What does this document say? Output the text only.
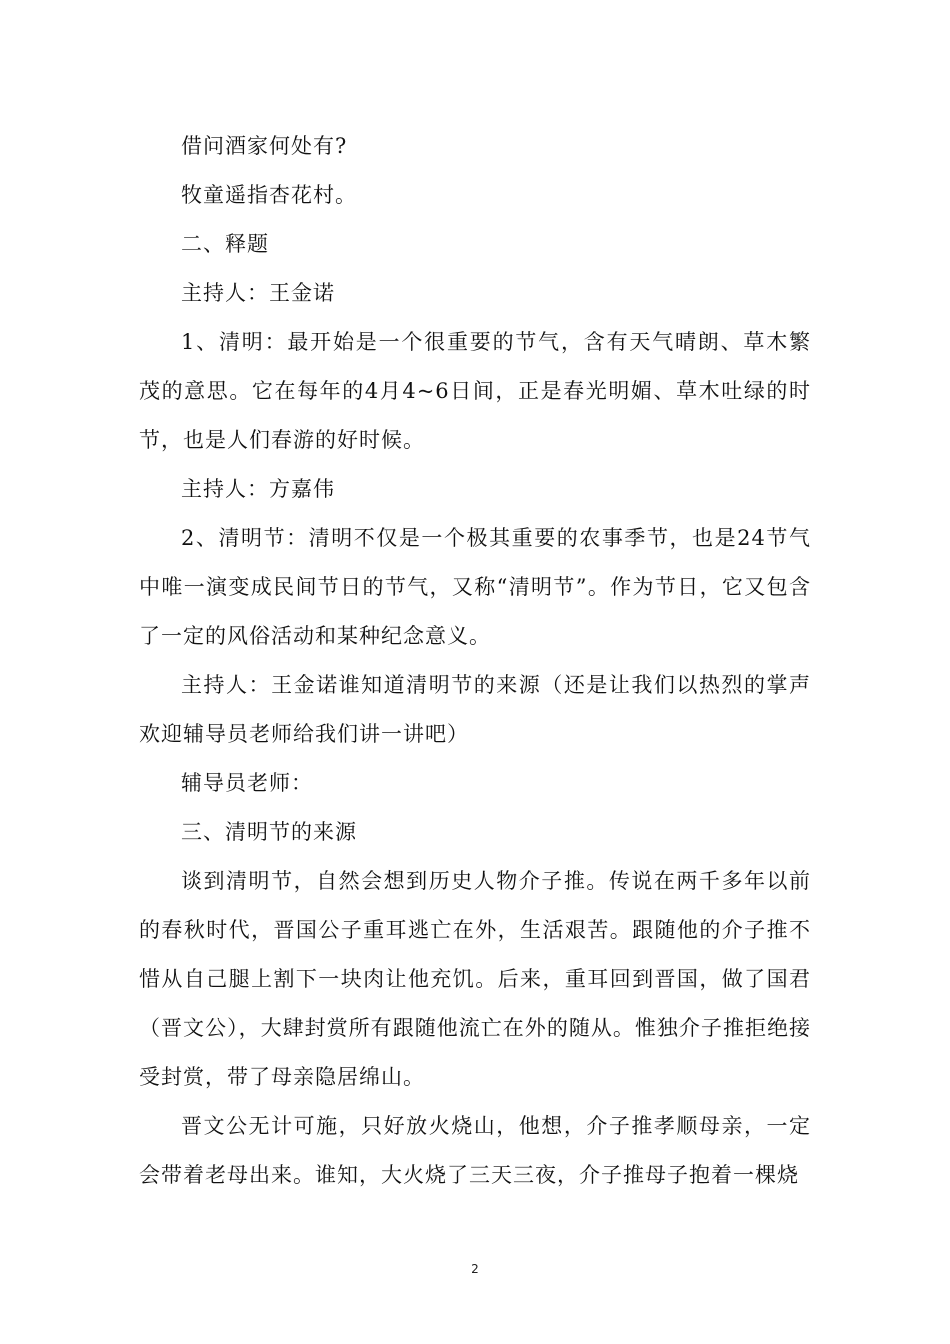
借问酒家何处有?

牧童遥指杏花村。

二、释题

主持人：王金诺

1、清明：最开始是一个很重要的节气，含有天气晴朗、草木繁茂的意思。它在每年的4月4~6日间，正是春光明媚、草木吐绿的时节，也是人们春游的好时候。

主持人：方嘉伟

2、清明节：清明不仅是一个极其重要的农事季节，也是24节气中唯一演变成民间节日的节气，又称“清明节”。作为节日，它又包含了一定的风俗活动和某种纪念意义。

主持人：王金诺谁知道清明节的来源（还是让我们以热烈的掌声欢迎辅导员老师给我们讲一讲吧）

辅导员老师：

三、清明节的来源

谈到清明节，自然会想到历史人物介子推。传说在两千多年以前的春秋时代，晋国公子重耳逃亡在外，生活艰苦。跟随他的介子推不惜从自己腿上割下一块肉让他充饥。后来，重耳回到晋国，做了国君（晋文公），大肆封赏所有跟随他流亡在外的随从。惟独介子推拒绝接受封赏，带了母亲隐居绵山。

晋文公无计可施，只好放火烧山，他想，介子推孝顺母亲，一定会带着老母出来。谁知，大火烧了三天三夜，介子推母子抱着一棵烧

2
